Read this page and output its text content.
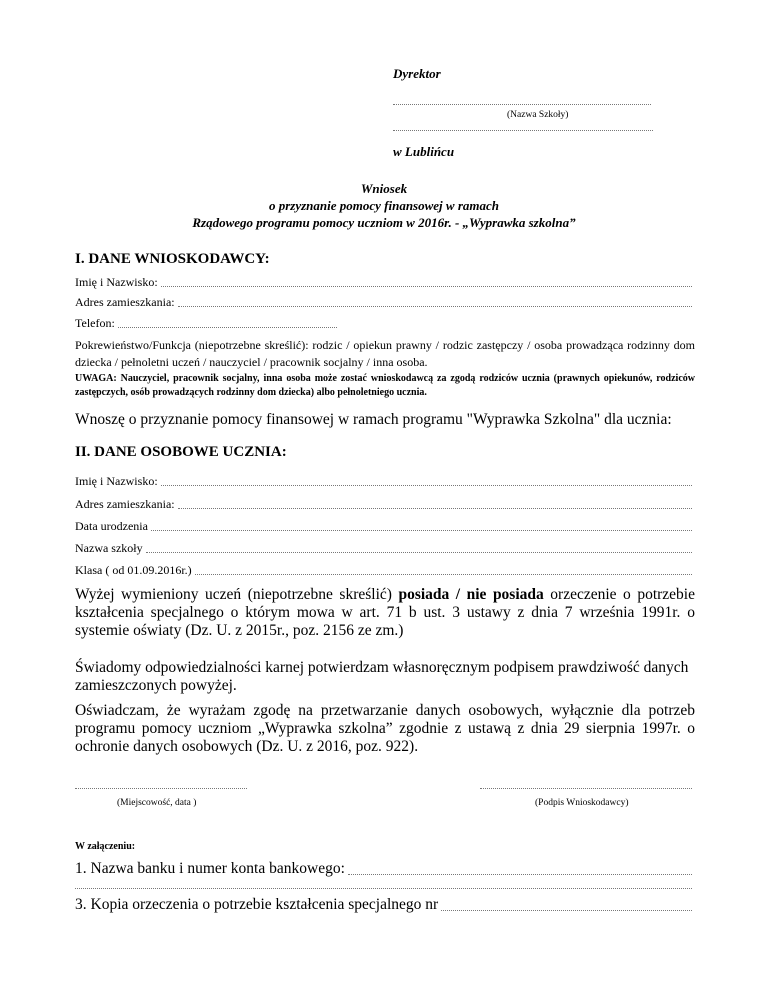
Dyrektor
(Nazwa Szkoły)
w Lublińcu
Wniosek
o przyznanie pomocy finansowej w ramach
Rządowego programu pomocy uczniom w 2016r. - „Wyprawka szkolna”
I. DANE WNIOSKODAWCY:
Imię i Nazwisko:
Adres zamieszkania:
Telefon:
Pokrewieństwo/Funkcja (niepotrzebne skreślić): rodzic / opiekun prawny / rodzic zastępczy / osoba prowadząca rodzinny dom dziecka / pełnoletni uczeń / nauczyciel / pracownik socjalny / inna osoba.
UWAGA: Nauczyciel, pracownik socjalny, inna osoba może zostać wnioskodawcą za zgodą rodziców ucznia (prawnych opiekunów, rodziców zastępczych, osób prowadzących rodzinny dom dziecka) albo pełnoletniego ucznia.
Wnoszę o przyznanie pomocy finansowej w ramach programu "Wyprawka Szkolna" dla ucznia:
II. DANE OSOBOWE UCZNIA:
Imię i Nazwisko:
Adres zamieszkania:
Data urodzenia
Nazwa szkoły
Klasa ( od 01.09.2016r.)
Wyżej wymieniony uczeń (niepotrzebne skreślić) posiada / nie posiada orzeczenie o potrzebie kształcenia specjalnego o którym mowa w art. 71 b ust. 3 ustawy z dnia 7 września 1991r. o systemie oświaty (Dz. U. z 2015r., poz. 2156 ze zm.)
Świadomy odpowiedzialności karnej potwierdzam własnoręcznym podpisem prawdziwość danych zamieszczonych powyżej.
Oświadczam, że wyrażam zgodę na przetwarzanie danych osobowych, wyłącznie dla potrzeb programu pomocy uczniom „Wyprawka szkolna” zgodnie z ustawą z dnia 29 sierpnia 1997r. o ochronie danych osobowych (Dz. U. z 2016, poz. 922).
(Miejscowość, data )	(Podpis Wnioskodawcy)
W załączeniu:
1. Nazwa banku i numer konta bankowego:
3. Kopia orzeczenia o potrzebie kształcenia specjalnego nr
